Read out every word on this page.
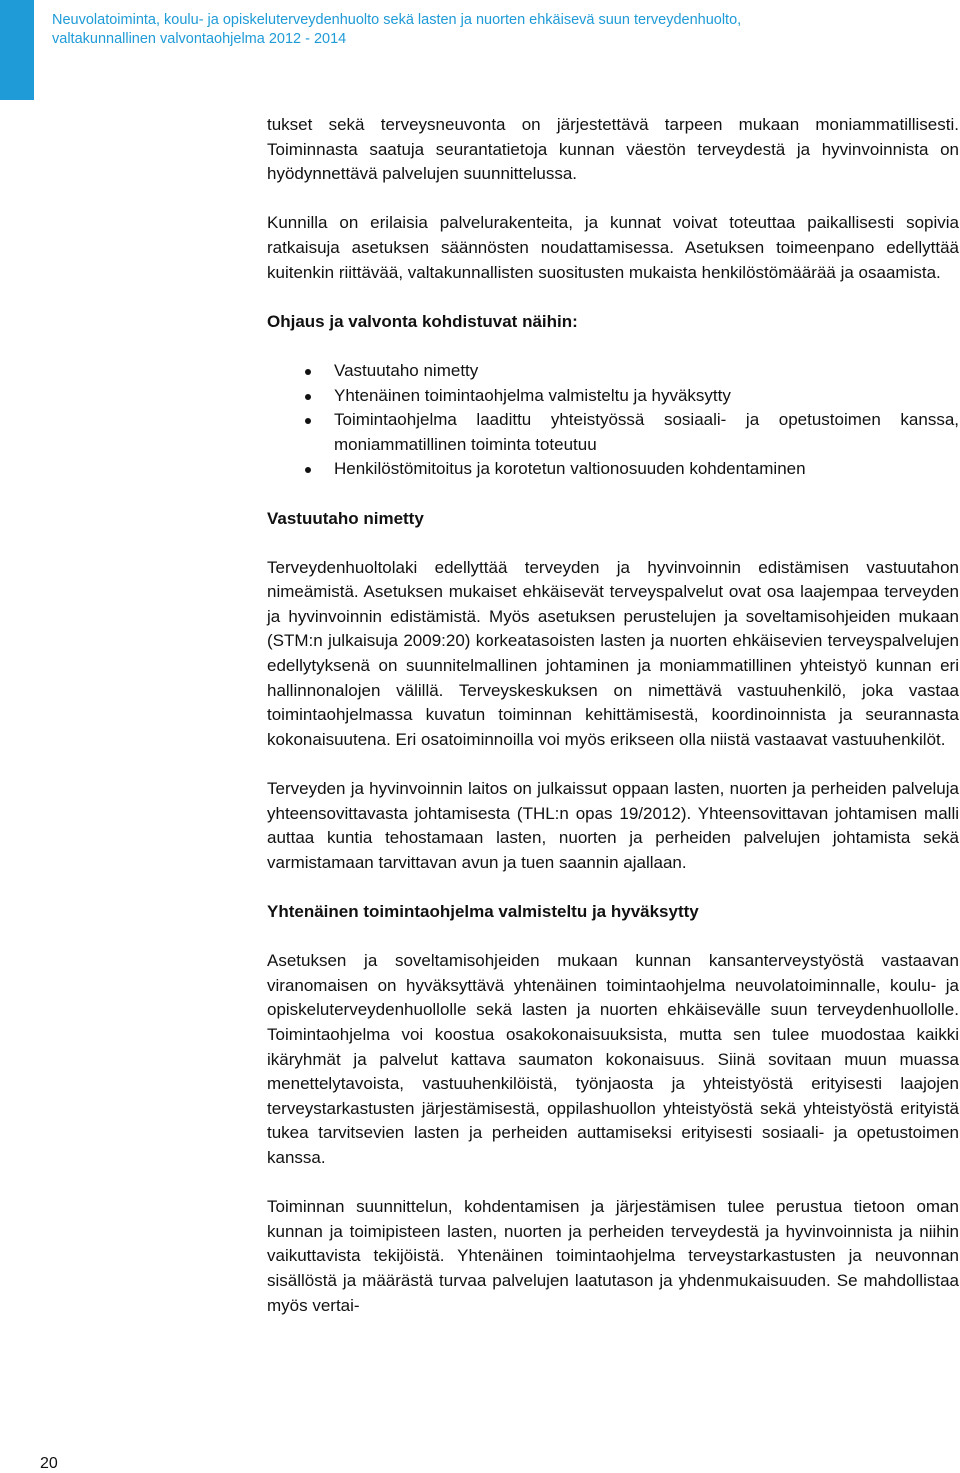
Neuvolatoiminta, koulu- ja opiskeluterveydenhuolto sekä lasten ja nuorten ehkäisevä suun terveydenhuolto,
valtakunnallinen valvontaohjelma 2012 - 2014

tukset sekä terveysneuvonta on järjestettävä tarpeen mukaan moniammatillisesti. Toiminnasta saatuja seurantatietoja kunnan väestön terveydestä ja hyvinvoinnista on hyödynnettävä palvelujen suunnittelussa.

Kunnilla on erilaisia palvelurakenteita, ja kunnat voivat toteuttaa paikallisesti sopivia ratkaisuja asetuksen säännösten noudattamisessa. Asetuksen toimeenpano edellyttää kuitenkin riittävää, valtakunnallisten suositusten mukaista henkilöstömäärää ja osaamista.

Ohjaus ja valvonta kohdistuvat näihin:
Vastuutaho nimetty
Yhtenäinen toimintaohjelma valmisteltu ja hyväksytty
Toimintaohjelma laadittu yhteistyössä sosiaali- ja opetustoimen kanssa, moniammatillinen toiminta toteutuu
Henkilöstömitoitus ja korotetun valtionosuuden kohdentaminen
Vastuutaho nimetty

Terveydenhuoltolaki edellyttää terveyden ja hyvinvoinnin edistämisen vastuutahon nimeämistä. Asetuksen mukaiset ehkäisevät terveyspalvelut ovat osa laajempaa terveyden ja hyvinvoinnin edistämistä. Myös asetuksen perustelujen ja soveltamisohjeiden mukaan (STM:n julkaisuja 2009:20) korkeatasoisten lasten ja nuorten ehkäisevien terveyspalvelujen edellytyksenä on suunnitelmallinen johtaminen ja moniammatillinen yhteistyö kunnan eri hallinnonalojen välillä. Terveyskeskuksen on nimettävä vastuuhenkilö, joka vastaa toimintaohjelmassa kuvatun toiminnan kehittämisestä, koordinoinnista ja seurannasta kokonaisuutena. Eri osatoiminnoilla voi myös erikseen olla niistä vastaavat vastuuhenkilöt.

Terveyden ja hyvinvoinnin laitos on julkaissut oppaan lasten, nuorten ja perheiden palveluja yhteensovittavasta johtamisesta (THL:n opas 19/2012). Yhteensovittavan johtamisen malli auttaa kuntia tehostamaan lasten, nuorten ja perheiden palvelujen johtamista sekä varmistamaan tarvittavan avun ja tuen saannin ajallaan.

Yhtenäinen toimintaohjelma valmisteltu ja hyväksytty

Asetuksen ja soveltamisohjeiden mukaan kunnan kansanterveystyöstä vastaavan viranomaisen on hyväksyttävä yhtenäinen toimintaohjelma neuvolatoiminnalle, koulu- ja opiskeluterveydenhuollolle sekä lasten ja nuorten ehkäisevälle suun terveydenhuollolle. Toimintaohjelma voi koostua osakokonaisuuksista, mutta sen tulee muodostaa kaikki ikäryhmät ja palvelut kattava saumaton kokonaisuus. Siinä sovitaan muun muassa menettelytavoista, vastuuhenkilöistä, työnjaosta ja yhteistyöstä erityisesti laajojen terveystarkastusten järjestämisestä, oppilashuollon yhteistyöstä sekä yhteistyöstä erityistä tukea tarvitsevien lasten ja perheiden auttamiseksi erityisesti sosiaali- ja opetustoimen kanssa.

Toiminnan suunnittelun, kohdentamisen ja järjestämisen tulee perustua tietoon oman kunnan ja toimipisteen lasten, nuorten ja perheiden terveydestä ja hyvinvoinnista ja niihin vaikuttavista tekijöistä. Yhtenäinen toimintaohjelma terveystarkastusten ja neuvonnan sisällöstä ja määrästä turvaa palvelujen laatutason ja yhdenmukaisuuden. Se mahdollistaa myös vertai-

20
